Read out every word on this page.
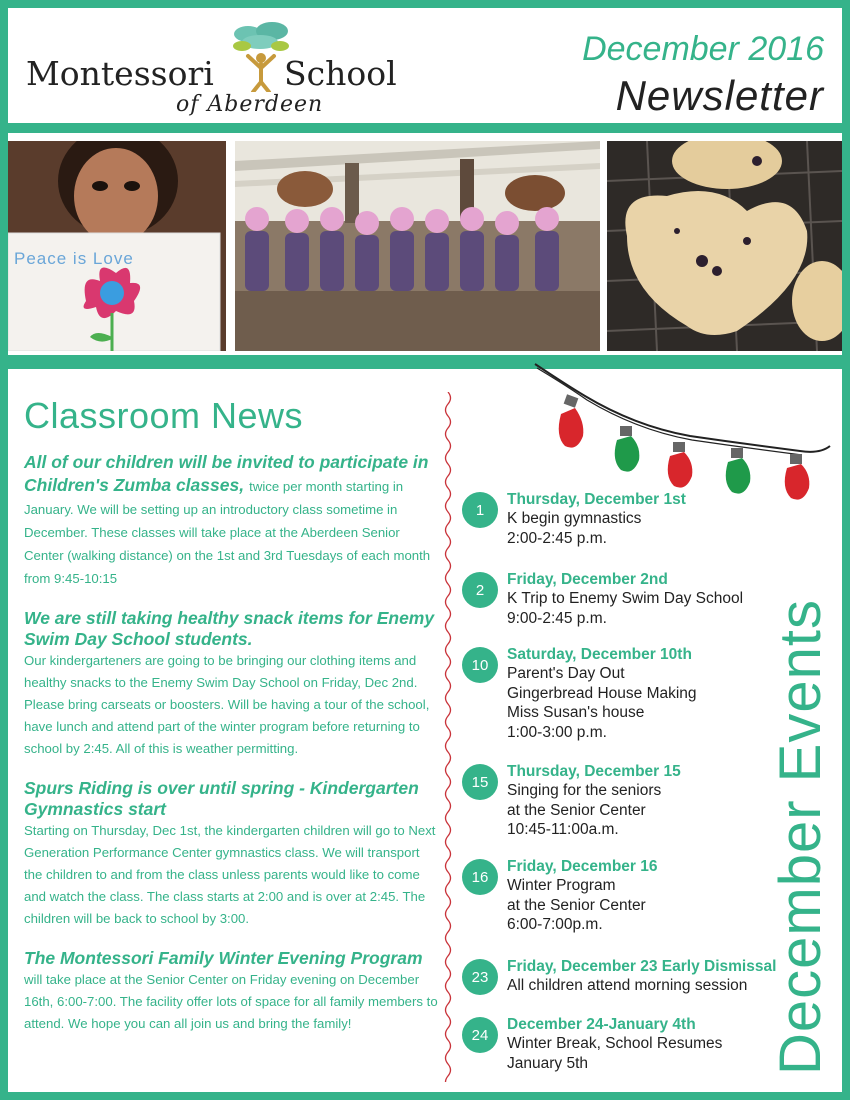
Montessori School
of Aberdeen
December 2016
Newsletter
Peace is Love
Classroom News
All of our children will be invited to participate in Children's Zumba classes, twice per month starting in January. We will be setting up an introductory class sometime in December. These classes will take place at the Aberdeen Senior Center (walking distance) on the 1st and 3rd Tuesdays of each month from 9:45-10:15
We are still taking healthy snack items for Enemy Swim Day School students.
Our kindergarteners are going to be bringing our clothing items and healthy snacks to the Enemy Swim Day School on Friday, Dec 2nd. Please bring carseats or boosters. Will be having a tour of the school, have lunch and attend part of the winter program before returning to school by 2:45. All of this is weather permitting.
Spurs Riding is over until spring - Kindergarten Gymnastics start
Starting on Thursday, Dec 1st, the kindergarten children will go to Next Generation Performance Center gymnastics class. We will transport the children to and from the class unless parents would like to come and watch the class. The class starts at 2:00 and is over at 2:45. The children will be back to school by 3:00.
The Montessori Family Winter Evening Program
will take place at the Senior Center on Friday evening on December 16th, 6:00-7:00. The facility offer lots of space for all family members to attend. We hope you can all join us and bring the family!
1
Thursday, December 1st
K begin gymnastics
2:00-2:45 p.m.
2
Friday, December 2nd
K Trip to Enemy Swim Day School
9:00-2:45 p.m.
10
Saturday, December 10th
Parent's Day Out
Gingerbread House Making
Miss Susan's house
1:00-3:00 p.m.
15
Thursday, December 15
Singing for the seniors
at the Senior Center
10:45-11:00a.m.
16
Friday, December 16
Winter Program
at the Senior Center
6:00-7:00p.m.
23
Friday, December 23 Early Dismissal
All children attend morning session
24
December 24-January 4th
Winter Break, School Resumes
January 5th	December Events
